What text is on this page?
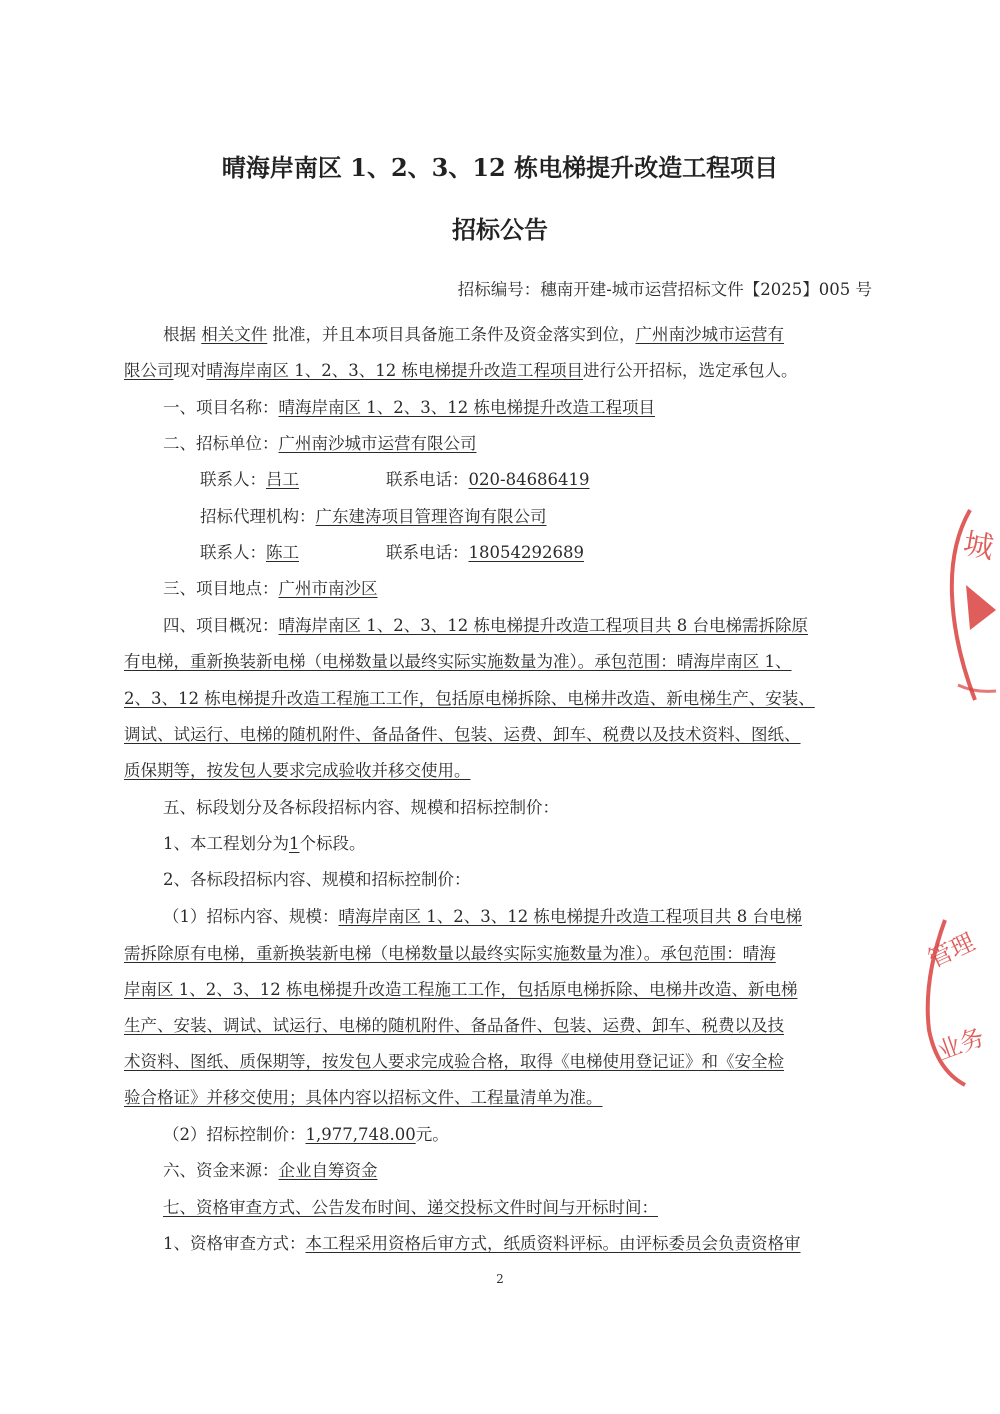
晴海岸南区 1、2、3、12 栋电梯提升改造工程项目
招标公告
招标编号：穗南开建-城市运营招标文件【2025】005 号
根据 相关文件 批准，并且本项目具备施工条件及资金落实到位，广州南沙城市运营有
限公司现对晴海岸南区 1、2、3、12 栋电梯提升改造工程项目进行公开招标，选定承包人。
一、项目名称：晴海岸南区 1、2、3、12 栋电梯提升改造工程项目
二、招标单位：广州南沙城市运营有限公司
联系人：吕工	联系电话：020-84686419
招标代理机构：广东建涛项目管理咨询有限公司
联系人：陈工	联系电话：18054292689
三、项目地点：广州市南沙区
四、项目概况：晴海岸南区 1、2、3、12 栋电梯提升改造工程项目共 8 台电梯需拆除原
有电梯，重新换装新电梯（电梯数量以最终实际实施数量为准）。承包范围：晴海岸南区 1、
2、3、12 栋电梯提升改造工程施工工作，包括原电梯拆除、电梯井改造、新电梯生产、安装、
调试、试运行、电梯的随机附件、备品备件、包装、运费、卸车、税费以及技术资料、图纸、
质保期等，按发包人要求完成验收并移交使用。
五、标段划分及各标段招标内容、规模和招标控制价：
1、本工程划分为1个标段。
2、各标段招标内容、规模和招标控制价：
（1）招标内容、规模：晴海岸南区 1、2、3、12 栋电梯提升改造工程项目共 8 台电梯
需拆除原有电梯，重新换装新电梯（电梯数量以最终实际实施数量为准）。承包范围：晴海
岸南区 1、2、3、12 栋电梯提升改造工程施工工作，包括原电梯拆除、电梯井改造、新电梯
生产、安装、调试、试运行、电梯的随机附件、备品备件、包装、运费、卸车、税费以及技
术资料、图纸、质保期等，按发包人要求完成验合格，取得《电梯使用登记证》和《安全检
验合格证》并移交使用；具体内容以招标文件、工程量清单为准。
（2）招标控制价：1,977,748.00元。
六、资金来源：企业自筹资金
七、资格审查方式、公告发布时间、递交投标文件时间与开标时间：
1、资格审查方式：本工程采用资格后审方式，纸质资料评标。由评标委员会负责资格审
2
城
管理
业务
